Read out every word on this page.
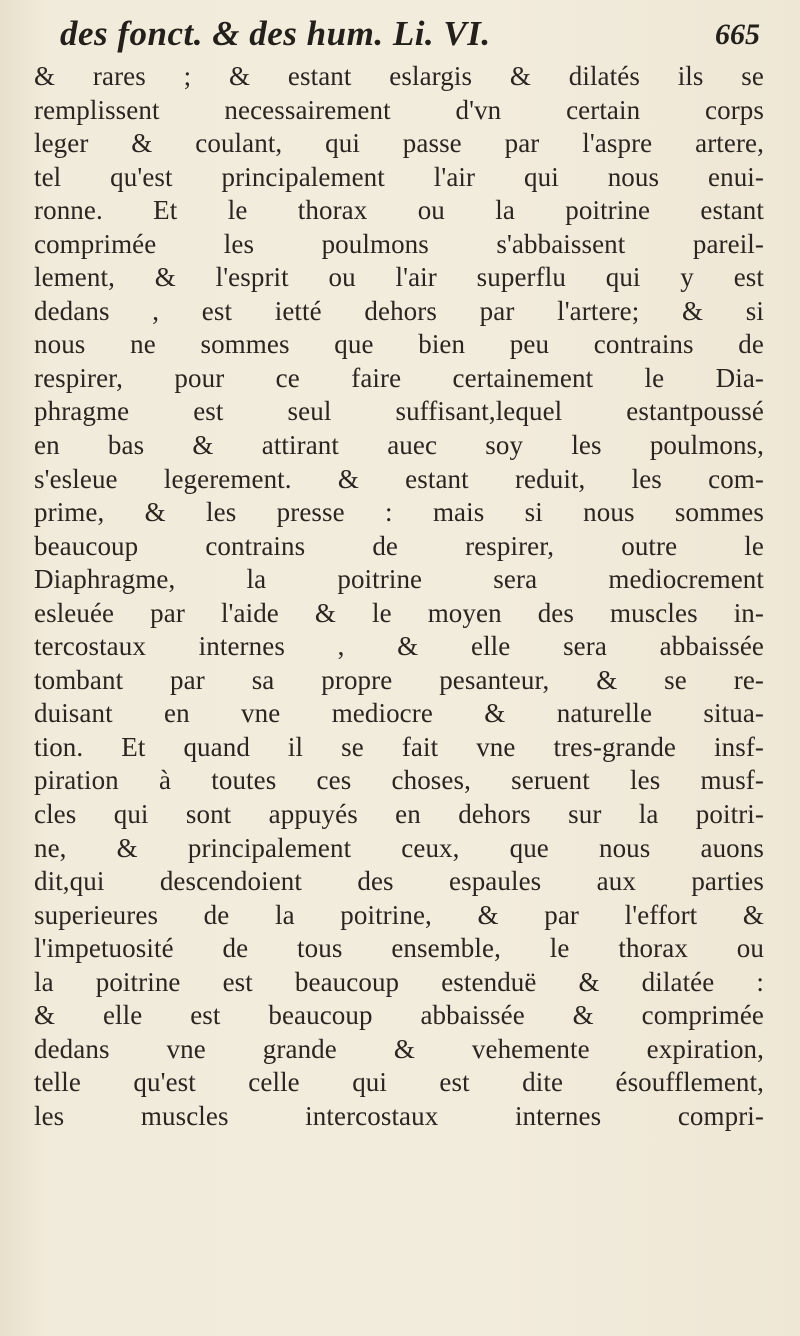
des fonct. & des hum. Li. VI.	665
& rares ; & estant eslargis & dilatés ils se
remplissent necessairement d'vn certain corps
leger & coulant, qui passe par l'aspre artere,
tel qu'est principalement l'air qui nous enui-
ronne. Et le thorax ou la poitrine estant
comprimée les poulmons s'abbaissent pareil-
lement, & l'esprit ou l'air superflu qui y est
dedans , est ietté dehors par l'artere; & si
nous ne sommes que bien peu contrains de
respirer, pour ce faire certainement le Dia-
phragme est seul suffisant,lequel estantpoussé
en bas & attirant auec soy les poulmons,
s'esleue legerement. & estant reduit, les com-
prime, & les presse : mais si nous sommes
beaucoup contrains de respirer, outre le
Diaphragme, la poitrine sera mediocrement
esleuée par l'aide & le moyen des muscles in-
tercostaux internes , & elle sera abbaissée
tombant par sa propre pesanteur, & se re-
duisant en vne mediocre & naturelle situa-
tion. Et quand il se fait vne tres-grande insf-
piration à toutes ces choses, seruent les musf-
cles qui sont appuyés en dehors sur la poitri-
ne, & principalement ceux, que nous auons
dit,qui descendoient des espaules aux parties
superieures de la poitrine, & par l'effort &
l'impetuosité de tous ensemble, le thorax ou
la poitrine est beaucoup estenduë & dilatée :
& elle est beaucoup abbaissée & comprimée
dedans vne grande & vehemente expiration,
telle qu'est celle qui est dite ésoufflement,
les muscles intercostaux internes compri-
